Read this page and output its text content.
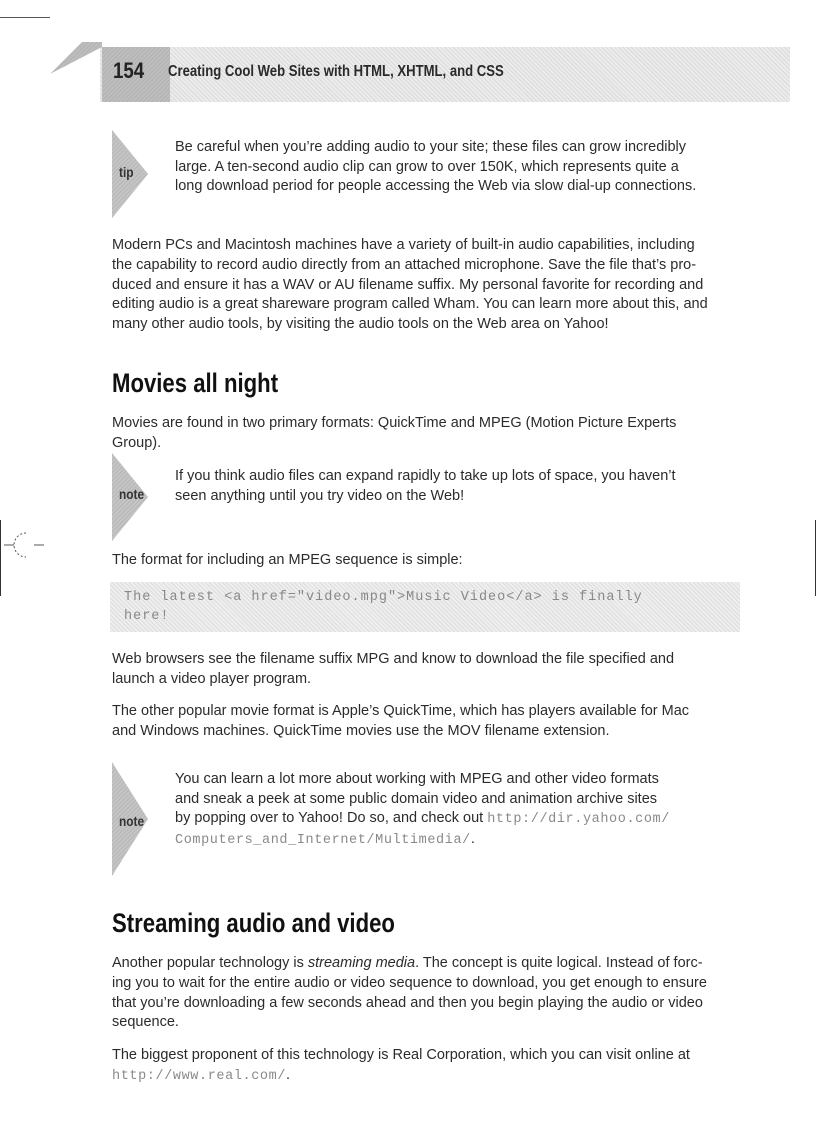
154 Creating Cool Web Sites with HTML, XHTML, and CSS
tip
Be careful when you’re adding audio to your site; these files can grow incredibly
large. A ten-second audio clip can grow to over 150K, which represents quite a
long download period for people accessing the Web via slow dial-up connections.
Modern PCs and Macintosh machines have a variety of built-in audio capabilities, including
the capability to record audio directly from an attached microphone. Save the file that’s pro-
duced and ensure it has a WAV or AU filename suffix. My personal favorite for recording and
editing audio is a great shareware program called Wham. You can learn more about this, and
many other audio tools, by visiting the audio tools on the Web area on Yahoo!
Movies all night
Movies are found in two primary formats: QuickTime and MPEG (Motion Picture Experts
Group).
note
If you think audio files can expand rapidly to take up lots of space, you haven’t
seen anything until you try video on the Web!
The format for including an MPEG sequence is simple:
The latest <a href="video.mpg">Music Video</a> is finally
here!
Web browsers see the filename suffix MPG and know to download the file specified and
launch a video player program.
The other popular movie format is Apple’s QuickTime, which has players available for Mac
and Windows machines. QuickTime movies use the MOV filename extension.
note
You can learn a lot more about working with MPEG and other video formats
and sneak a peek at some public domain video and animation archive sites
by popping over to Yahoo! Do so, and check out http://dir.yahoo.com/
Computers_and_Internet/Multimedia/.
Streaming audio and video
Another popular technology is streaming media. The concept is quite logical. Instead of forc-
ing you to wait for the entire audio or video sequence to download, you get enough to ensure
that you’re downloading a few seconds ahead and then you begin playing the audio or video
sequence.
The biggest proponent of this technology is Real Corporation, which you can visit online at
http://www.real.com/.
